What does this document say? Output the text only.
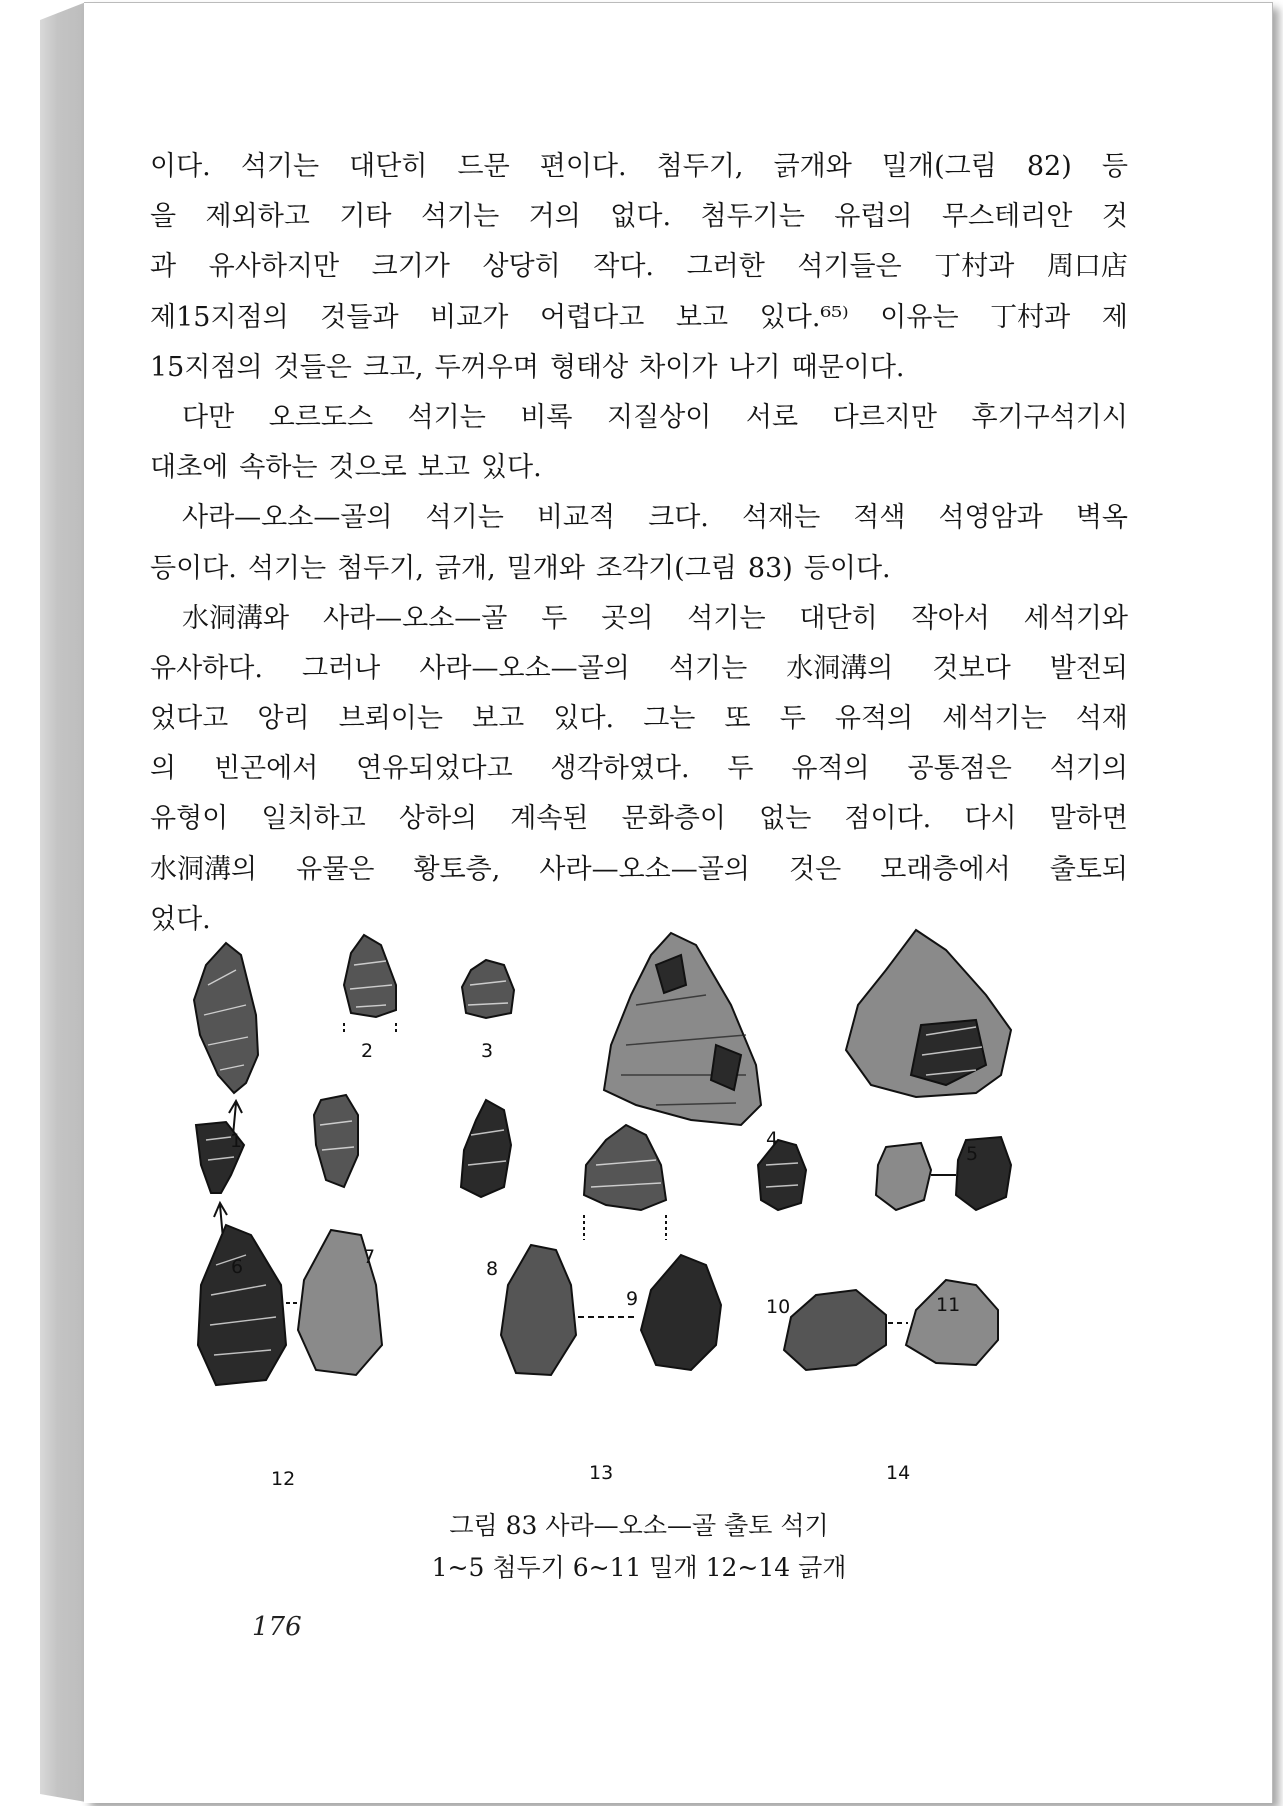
이다. 석기는 대단히 드문 편이다. 첨두기, 긁개와 밀개(그림 82) 등
을 제외하고 기타 석기는 거의 없다. 첨두기는 유럽의 무스테리안 것
과 유사하지만 크기가 상당히 작다. 그러한 석기들은 丁村과 周口店
제15지점의 것들과 비교가 어렵다고 보고 있다.⁶⁵⁾ 이유는 丁村과 제
15지점의 것들은 크고, 두꺼우며 형태상 차이가 나기 때문이다.
다만 오르도스 석기는 비록 지질상이 서로 다르지만 후기구석기시
대초에 속하는 것으로 보고 있다.
사라—오소—골의 석기는 비교적 크다. 석재는 적색 석영암과 벽옥
등이다. 석기는 첨두기, 긁개, 밀개와 조각기(그림 83) 등이다.
水洞溝와 사라—오소—골 두 곳의 석기는 대단히 작아서 세석기와
유사하다. 그러나 사라—오소—골의 석기는 水洞溝의 것보다 발전되
었다고 앙리 브뢰이는 보고 있다. 그는 또 두 유적의 세석기는 석재
의 빈곤에서 연유되었다고 생각하였다. 두 유적의 공통점은 석기의
유형이 일치하고 상하의 계속된 문화층이 없는 점이다. 다시 말하면
水洞溝의 유물은 황토층, 사라—오소—골의 것은 모래층에서 출토되
었다.
1
2	3
4
5
6	7
8
9	10	11
12	13	14
그림 83 사라—오소—골 출토 석기
1~5 첨두기 6~11 밀개 12~14 긁개
176
